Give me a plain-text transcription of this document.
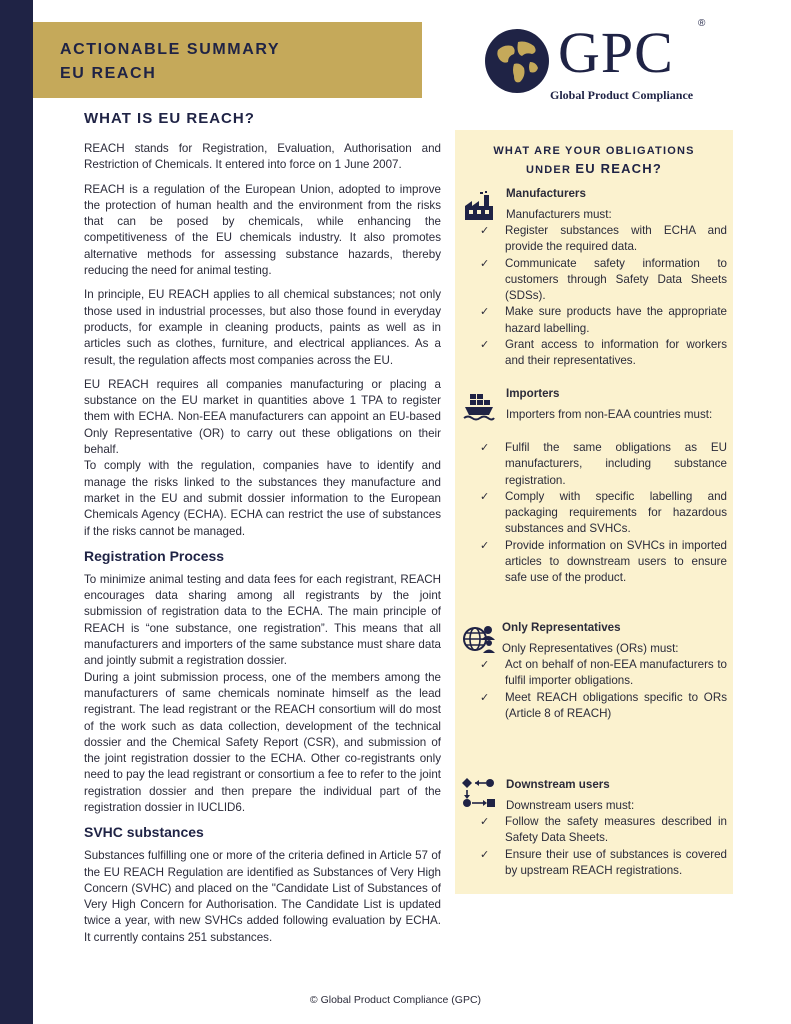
ACTIONABLE SUMMARY
EU REACH	GPC ®
Global Product Compliance
WHAT IS EU REACH?

REACH stands for Registration, Evaluation, Authorisation and Restriction of Chemicals. It entered into force on 1 June 2007.

REACH is a regulation of the European Union, adopted to improve the protection of human health and the environment from the risks that can be posed by chemicals, while enhancing the competitiveness of the EU chemicals industry. It also promotes alternative methods for assessing substance hazards, thereby reducing the need for animal testing.

In principle, EU REACH applies to all chemical substances; not only those used in industrial processes, but also those found in everyday products, for example in cleaning products, paints as well as in articles such as clothes, furniture, and electrical appliances. As a result, the regulation affects most companies across the EU.

EU REACH requires all companies manufacturing or placing a substance on the EU market in quantities above 1 TPA to register them with ECHA. Non-EEA manufacturers can appoint an EU-based Only Representative (OR) to carry out these obligations on their behalf.

To comply with the regulation, companies have to identify and manage the risks linked to the substances they manufacture and market in the EU and submit dossier information to the European Chemicals Agency (ECHA). ECHA can restrict the use of substances if the risks cannot be managed.

Registration Process

To minimize animal testing and data fees for each registrant, REACH encourages data sharing among all registrants by the joint submission of registration data to the ECHA. The main principle of REACH is “one substance, one registration”. This means that all manufacturers and importers of the same substance must share data and jointly submit a registration dossier.

During a joint submission process, one of the members among the manufacturers of same chemicals nominate himself as the lead registrant. The lead registrant or the REACH consortium will do most of the work such as data collection, development of the technical dossier and the Chemical Safety Report (CSR), and submission of the joint registration dossier to the ECHA. Other co-registrants only need to pay the lead registrant or consortium a fee to refer to the joint registration dossier and then prepare the individual part of the registration dossier in IUCLID6.

SVHC substances

Substances fulfilling one or more of the criteria defined in Article 57 of the EU REACH Regulation are identified as Substances of Very High Concern (SVHC) and placed on the "Candidate List of Substances of Very High Concern for Authorisation. The Candidate List is updated twice a year, with new SVHCs added following evaluation by ECHA. It currently contains 251 substances.

WHAT ARE YOUR OBLIGATIONS
UNDER EU REACH?
Manufacturers
Manufacturers must:
✓ Register substances with ECHA and provide the required data.
✓ Communicate safety information to customers through Safety Data Sheets (SDSs).
✓ Make sure products have the appropriate hazard labelling.
✓ Grant access to information for workers and their representatives.
Importers
Importers from non-EAA countries must:
✓ Fulfil the same obligations as EU manufacturers, including substance registration.
✓ Comply with specific labelling and packaging requirements for hazardous substances and SVHCs.
✓ Provide information on SVHCs in imported articles to downstream users to ensure safe use of the product.
Only Representatives
Only Representatives (ORs) must:
✓ Act on behalf of non-EEA manufacturers to fulfil importer obligations.
✓ Meet REACH obligations specific to ORs (Article 8 of REACH)
Downstream users
Downstream users must:
✓ Follow the safety measures described in Safety Data Sheets.
✓ Ensure their use of substances is covered by upstream REACH registrations.
© Global Product Compliance (GPC)
